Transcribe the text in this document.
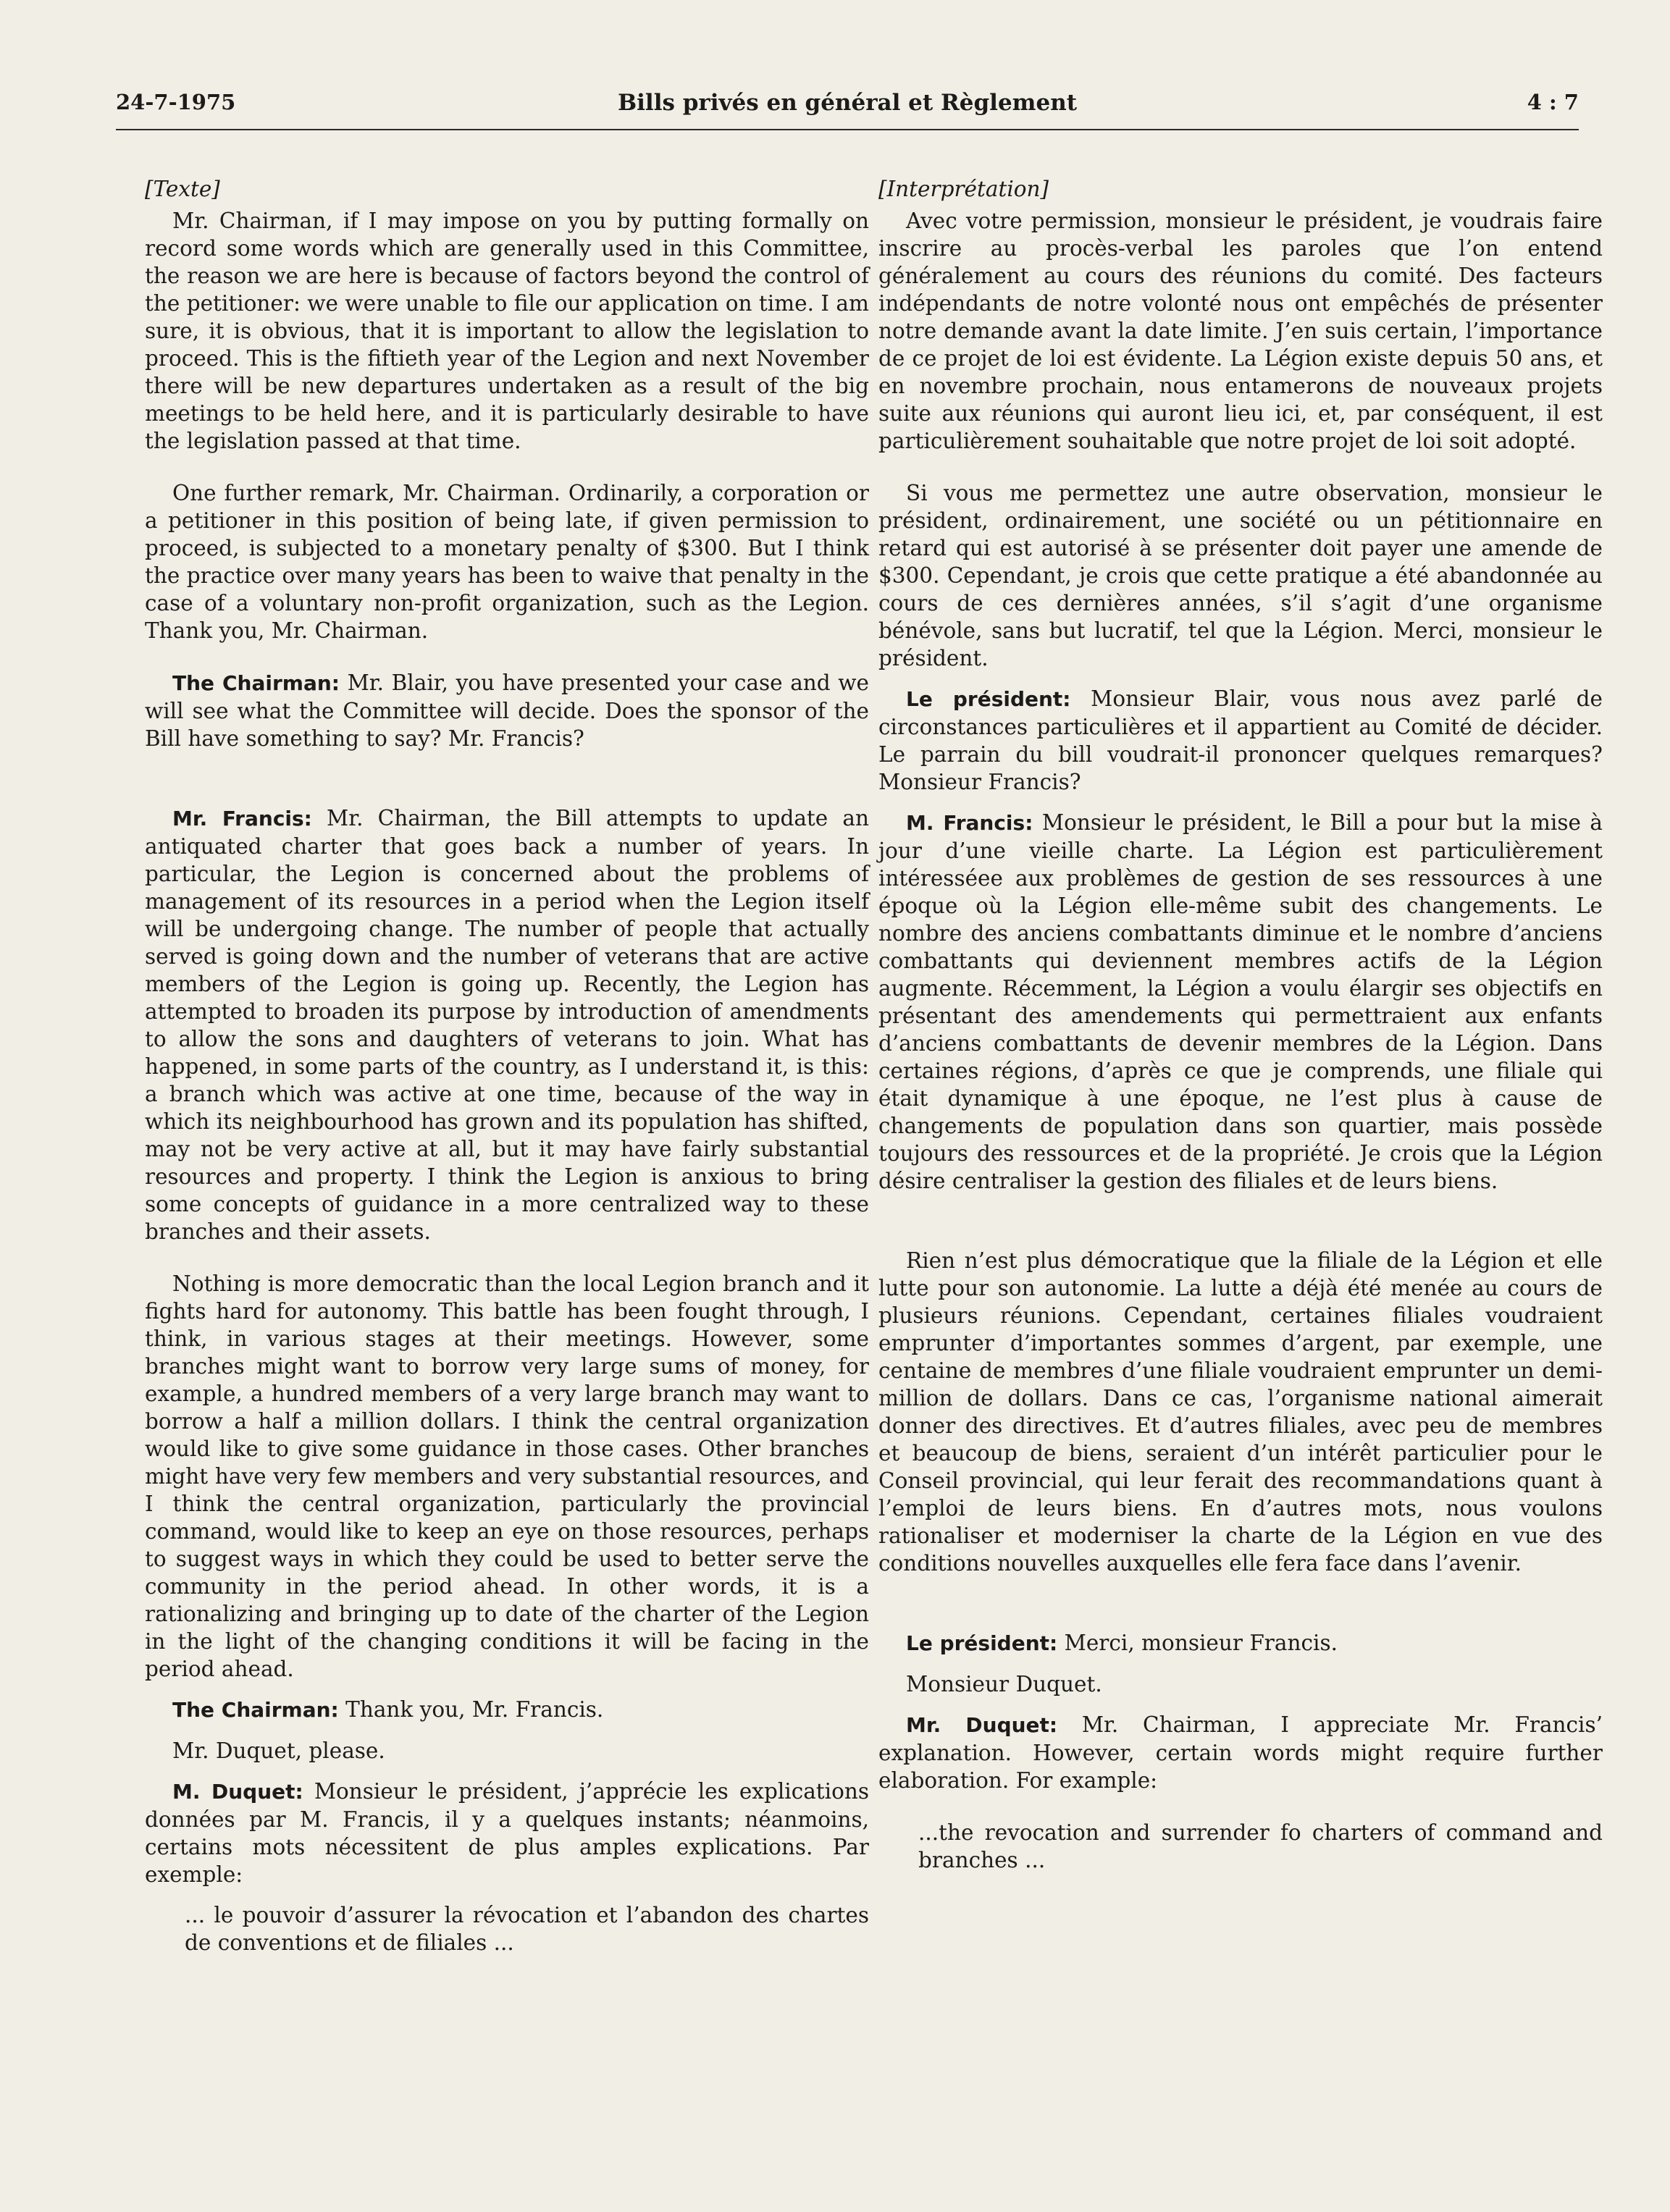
24-7-1975	Bills privés en général et Règlement	4 : 7

[Texte]

Mr. Chairman, if I may impose on you by putting formally on record some words which are generally used in this Committee, the reason we are here is because of factors beyond the control of the petitioner: we were unable to file our application on time. I am sure, it is obvious, that it is important to allow the legislation to proceed. This is the fiftieth year of the Legion and next November there will be new departures undertaken as a result of the big meetings to be held here, and it is particularly desirable to have the legislation passed at that time.

One further remark, Mr. Chairman. Ordinarily, a corporation or a petitioner in this position of being late, if given permission to proceed, is subjected to a monetary penalty of $300. But I think the practice over many years has been to waive that penalty in the case of a voluntary non-profit organization, such as the Legion. Thank you, Mr. Chairman.

The Chairman: Mr. Blair, you have presented your case and we will see what the Committee will decide. Does the sponsor of the Bill have something to say? Mr. Francis?

Mr. Francis: Mr. Chairman, the Bill attempts to update an antiquated charter that goes back a number of years. In particular, the Legion is concerned about the problems of management of its resources in a period when the Legion itself will be undergoing change. The number of people that actually served is going down and the number of veterans that are active members of the Legion is going up. Recently, the Legion has attempted to broaden its purpose by introduction of amendments to allow the sons and daughters of veterans to join. What has happened, in some parts of the country, as I understand it, is this: a branch which was active at one time, because of the way in which its neighbourhood has grown and its population has shifted, may not be very active at all, but it may have fairly substantial resources and property. I think the Legion is anxious to bring some concepts of guidance in a more centralized way to these branches and their assets.

Nothing is more democratic than the local Legion branch and it fights hard for autonomy. This battle has been fought through, I think, in various stages at their meetings. However, some branches might want to borrow very large sums of money, for example, a hundred members of a very large branch may want to borrow a half a million dollars. I think the central organization would like to give some guidance in those cases. Other branches might have very few members and very substantial resources, and I think the central organization, particularly the provincial command, would like to keep an eye on those resources, perhaps to suggest ways in which they could be used to better serve the community in the period ahead. In other words, it is a rationalizing and bringing up to date of the charter of the Legion in the light of the changing conditions it will be facing in the period ahead.

The Chairman: Thank you, Mr. Francis.

Mr. Duquet, please.

M. Duquet: Monsieur le président, j’apprécie les explications données par M. Francis, il y a quelques instants; néanmoins, certains mots nécessitent de plus amples explications. Par exemple:

... le pouvoir d’assurer la révocation et l’abandon des chartes de conventions et de filiales ...

[Interprétation]

Avec votre permission, monsieur le président, je voudrais faire inscrire au procès-verbal les paroles que l’on entend généralement au cours des réunions du comité. Des facteurs indépendants de notre volonté nous ont empêchés de présenter notre demande avant la date limite. J’en suis certain, l’importance de ce projet de loi est évidente. La Légion existe depuis 50 ans, et en novembre prochain, nous entamerons de nouveaux projets suite aux réunions qui auront lieu ici, et, par conséquent, il est particulièrement souhaitable que notre projet de loi soit adopté.

Si vous me permettez une autre observation, monsieur le président, ordinairement, une société ou un pétitionnaire en retard qui est autorisé à se présenter doit payer une amende de $300. Cependant, je crois que cette pratique a été abandonnée au cours de ces dernières années, s’il s’agit d’une organisme bénévole, sans but lucratif, tel que la Légion. Merci, monsieur le président.

Le président: Monsieur Blair, vous nous avez parlé de circonstances particulières et il appartient au Comité de décider. Le parrain du bill voudrait-il prononcer quelques remarques? Monsieur Francis?

M. Francis: Monsieur le président, le Bill a pour but la mise à jour d’une vieille charte. La Légion est particulièrement intéresséee aux problèmes de gestion de ses ressources à une époque où la Légion elle-même subit des changements. Le nombre des anciens combattants diminue et le nombre d’anciens combattants qui deviennent membres actifs de la Légion augmente. Récemment, la Légion a voulu élargir ses objectifs en présentant des amendements qui permettraient aux enfants d’anciens combattants de devenir membres de la Légion. Dans certaines régions, d’après ce que je comprends, une filiale qui était dynamique à une époque, ne l’est plus à cause de changements de population dans son quartier, mais possède toujours des ressources et de la propriété. Je crois que la Légion désire centraliser la gestion des filiales et de leurs biens.

Rien n’est plus démocratique que la filiale de la Légion et elle lutte pour son autonomie. La lutte a déjà été menée au cours de plusieurs réunions. Cependant, certaines filiales voudraient emprunter d’importantes sommes d’argent, par exemple, une centaine de membres d’une filiale voudraient emprunter un demi-million de dollars. Dans ce cas, l’organisme national aimerait donner des directives. Et d’autres filiales, avec peu de membres et beaucoup de biens, seraient d’un intérêt particulier pour le Conseil provincial, qui leur ferait des recommandations quant à l’emploi de leurs biens. En d’autres mots, nous voulons rationaliser et moderniser la charte de la Légion en vue des conditions nouvelles auxquelles elle fera face dans l’avenir.

Le président: Merci, monsieur Francis.

Monsieur Duquet.

Mr. Duquet: Mr. Chairman, I appreciate Mr. Francis’ explanation. However, certain words might require further elaboration. For example:

...the revocation and surrender fo charters of command and branches ...
